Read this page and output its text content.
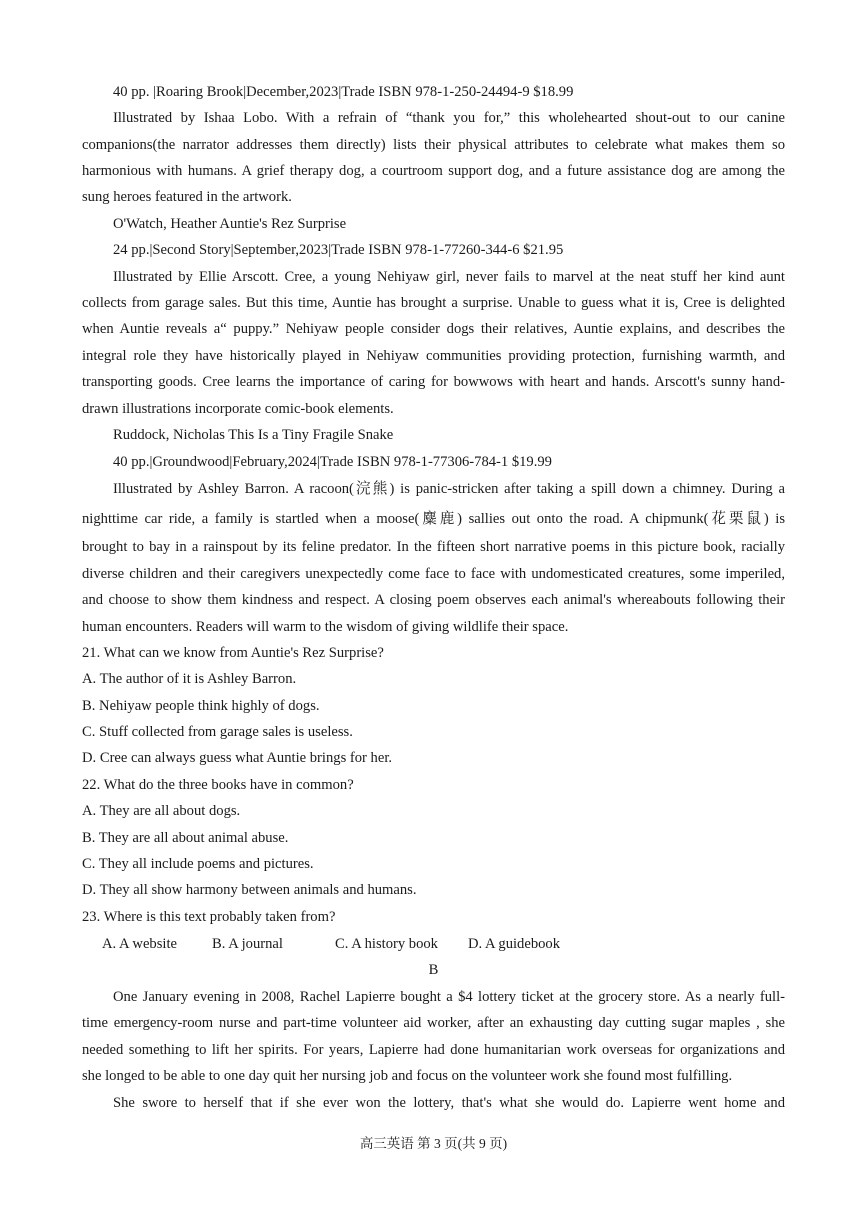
40 pp. |Roaring Brook|December,2023|Trade ISBN 978-1-250-24494-9 $18.99
Illustrated by Ishaa Lobo. With a refrain of “thank you for,” this wholehearted shout-out to our canine
companions(the narrator addresses them directly) lists their physical attributes to celebrate what makes them so
harmonious with humans. A grief therapy dog, a courtroom support dog, and a future assistance dog are among the
sung heroes featured in the artwork.
O'Watch, Heather Auntie's Rez Surprise
24 pp.|Second Story|September,2023|Trade ISBN 978-1-77260-344-6 $21.95
Illustrated by Ellie Arscott. Cree, a young Nehiyaw girl, never fails to marvel at the neat stuff her kind aunt
collects from garage sales. But this time, Auntie has brought a surprise. Unable to guess what it is, Cree is delighted
when Auntie reveals a“ puppy.” Nehiyaw people consider dogs their relatives, Auntie explains, and describes the
integral role they have historically played in Nehiyaw communities providing protection, furnishing warmth, and
transporting goods. Cree learns the importance of caring for bowwows with heart and hands. Arscott's sunny hand-
drawn illustrations incorporate comic-book elements.
Ruddock, Nicholas This Is a Tiny Fragile Snake
40 pp.|Groundwood|February,2024|Trade ISBN 978-1-77306-784-1 $19.99
Illustrated by Ashley Barron. A racoon(浣熊) is panic-stricken after taking a spill down a chimney. During a
nighttime car ride, a family is startled when a moose(麋鹿) sallies out onto the road. A chipmunk(花栗鼠) is
brought to bay in a rainspout by its feline predator. In the fifteen short narrative poems in this picture book, racially
diverse children and their caregivers unexpectedly come face to face with undomesticated creatures, some imperiled,
and choose to show them kindness and respect. A closing poem observes each animal's whereabouts following their
human encounters. Readers will warm to the wisdom of giving wildlife their space.
21. What can we know from Auntie's Rez Surprise?
A. The author of it is Ashley Barron.
B. Nehiyaw people think highly of dogs.
C. Stuff collected from garage sales is useless.
D. Cree can always guess what Auntie brings for her.
22. What do the three books have in common?
A. They are all about dogs.
B. They are all about animal abuse.
C. They all include poems and pictures.
D. They all show harmony between animals and humans.
23. Where is this text probably taken from?
A. A website B. A journal	C. A history book D. A guidebook
B
One January evening in 2008, Rachel Lapierre bought a $4 lottery ticket at the grocery store. As a nearly full-
time emergency-room nurse and part-time volunteer aid worker, after an exhausting day cutting sugar maples , she
needed something to lift her spirits. For years, Lapierre had done humanitarian work overseas for organizations and
she longed to be able to one day quit her nursing job and focus on the volunteer work she found most fulfilling.
She swore to herself that if she ever won the lottery, that's what she would do. Lapierre went home and
高三英语 第 3 页(共 9 页)
